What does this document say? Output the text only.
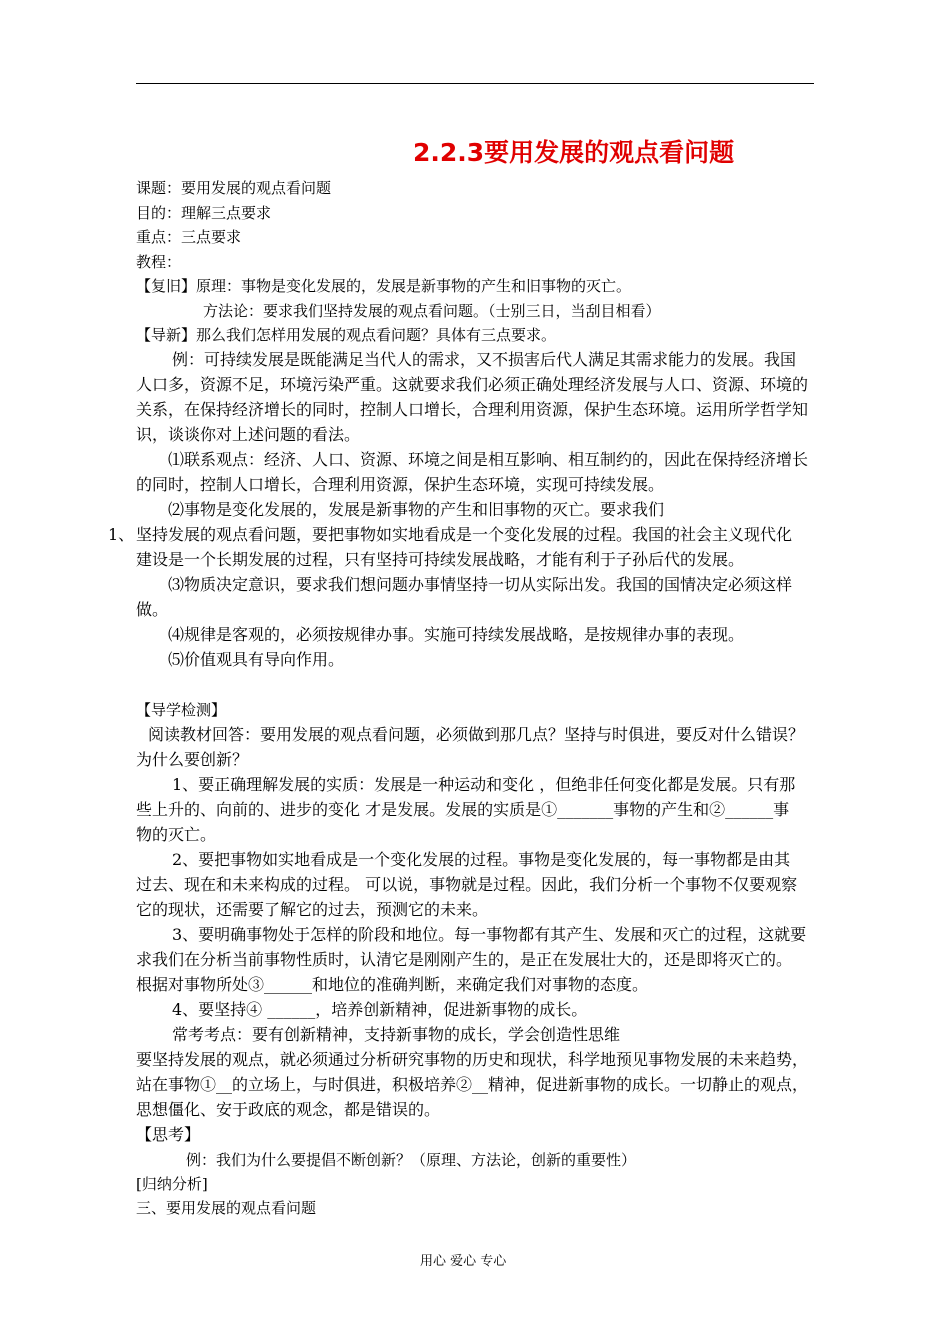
2.2.3要用发展的观点看问题
课题：要用发展的观点看问题
目的：理解三点要求
重点：三点要求
教程：
【复旧】原理：事物是变化发展的，发展是新事物的产生和旧事物的灭亡。
方法论：要求我们坚持发展的观点看问题。（士别三日，当刮目相看）
【导新】那么我们怎样用发展的观点看问题？具体有三点要求。
例：可持续发展是既能满足当代人的需求，又不损害后代人满足其需求能力的发展。我国
人口多，资源不足，环境污染严重。这就要求我们必须正确处理经济发展与人口、资源、环境的
关系，在保持经济增长的同时，控制人口增长，合理利用资源，保护生态环境。运用所学哲学知
识，谈谈你对上述问题的看法。
⑴联系观点：经济、人口、资源、环境之间是相互影响、相互制约的，因此在保持经济增长
的同时，控制人口增长，合理利用资源，保护生态环境，实现可持续发展。
⑵事物是变化发展的，发展是新事物的产生和旧事物的灭亡。要求我们
1、 坚持发展的观点看问题，要把事物如实地看成是一个变化发展的过程。我国的社会主义现代化
建设是一个长期发展的过程，只有坚持可持续发展战略，才能有利于子孙后代的发展。
⑶物质决定意识，要求我们想问题办事情坚持一切从实际出发。我国的国情决定必须这样
做。
⑷规律是客观的，必须按规律办事。实施可持续发展战略，是按规律办事的表现。
⑸价值观具有导向作用。
【导学检测】
阅读教材回答：要用发展的观点看问题，必须做到那几点？坚持与时俱进，要反对什么错误？
为什么要创新？
1、要正确理解发展的实质：发展是一种运动和变化 ，但绝非任何变化都是发展。只有那
些上升的、向前的、进步的变化 才是发展。发展的实质是①_______事物的产生和②______事
物的灭亡。
2、要把事物如实地看成是一个变化发展的过程。事物是变化发展的，每一事物都是由其
过去、现在和未来构成的过程。 可以说，事物就是过程。因此，我们分析一个事物不仅要观察
它的现状，还需要了解它的过去，预测它的未来。
3、要明确事物处于怎样的阶段和地位。每一事物都有其产生、发展和灭亡的过程，这就要
求我们在分析当前事物性质时，认清它是刚刚产生的，是正在发展壮大的，还是即将灭亡的。
根据对事物所处③______和地位的准确判断，来确定我们对事物的态度。
4、要坚持④ ______，培养创新精神，促进新事物的成长。
常考考点：要有创新精神，支持新事物的成长，学会创造性思维
要坚持发展的观点，就必须通过分析研究事物的历史和现状，科学地预见事物发展的未来趋势，
站在事物①__的立场上，与时俱进，积极培养②__精神，促进新事物的成长。一切静止的观点，
思想僵化、安于政底的观念，都是错误的。
【思考】
例：我们为什么要提倡不断创新？（原理、方法论，创新的重要性）
[归纳分析]
三、要用发展的观点看问题
用心 爱心 专心
